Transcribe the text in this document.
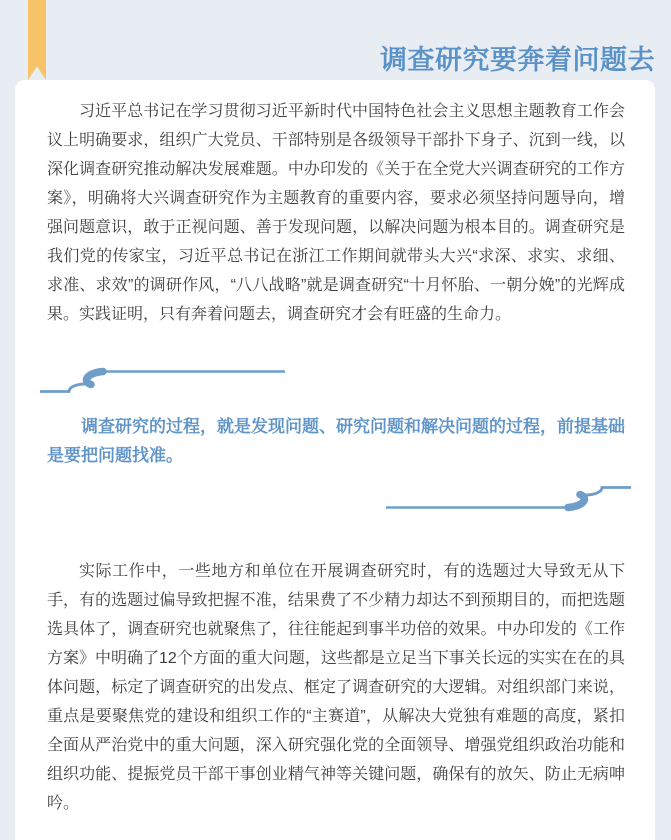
调查研究要奔着问题去

习近平总书记在学习贯彻习近平新时代中国特色社会主义思想主题教育工作会议上明确要求，组织广大党员、干部特别是各级领导干部扑下身子、沉到一线，以深化调查研究推动解决发展难题。中办印发的《关于在全党大兴调查研究的工作方案》，明确将大兴调查研究作为主题教育的重要内容，要求必须坚持问题导向，增强问题意识，敢于正视问题、善于发现问题，以解决问题为根本目的。调查研究是我们党的传家宝，习近平总书记在浙江工作期间就带头大兴“求深、求实、求细、求准、求效”的调研作风，“八八战略”就是调查研究“十月怀胎、一朝分娩”的光辉成果。实践证明，只有奔着问题去，调查研究才会有旺盛的生命力。

调查研究的过程，就是发现问题、研究问题和解决问题的过程，前提基础是要把问题找准。

实际工作中，一些地方和单位在开展调查研究时，有的选题过大导致无从下手，有的选题过偏导致把握不准，结果费了不少精力却达不到预期目的，而把选题选具体了，调查研究也就聚焦了，往往能起到事半功倍的效果。中办印发的《工作方案》中明确了12个方面的重大问题，这些都是立足当下事关长远的实实在在的具体问题，标定了调查研究的出发点、框定了调查研究的大逻辑。对组织部门来说，重点是要聚焦党的建设和组织工作的“主赛道”，从解决大党独有难题的高度，紧扣全面从严治党中的重大问题，深入研究强化党的全面领导、增强党组织政治功能和组织功能、提振党员干部干事创业精气神等关键问题，确保有的放矢、防止无病呻吟。
